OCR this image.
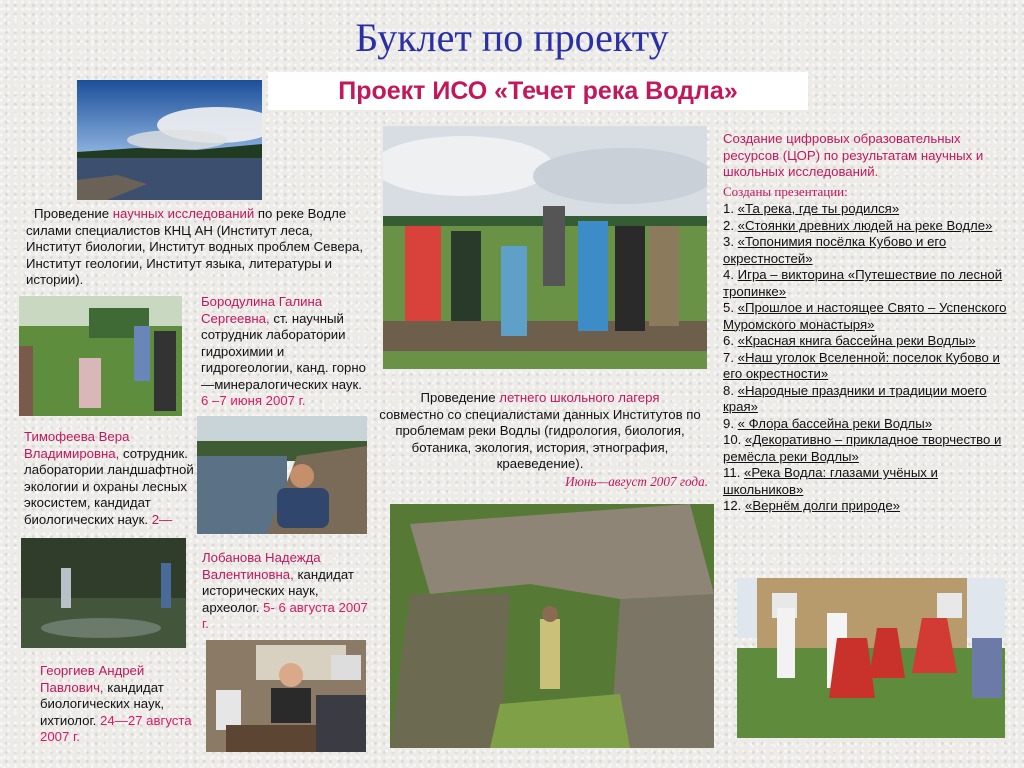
Буклет по проекту
Проект ИСО «Течет река Водла»
Проведение научных исследований по реке Водле силами специалистов КНЦ АН (Институт леса, Институт биологии, Институт водных проблем Севера, Институт геологии, Институт языка, литературы и истории).
Бородулина Галина Сергеевна, ст. научный сотрудник лаборатории гидрохимии и гидрогеологии, канд. горно—минералогических наук. 6 –7 июня 2007 г.
Тимофеева Вера Владимировна, сотрудник. лаборатории ландшафтной экологии и охраны лесных экосистем, кандидат биологических наук. 2—
Лобанова Надежда Валентиновна, кандидат исторических наук, археолог. 5- 6 августа 2007 г.
Георгиев Андрей Павлович, кандидат биологических наук, ихтиолог. 24—27 августа 2007 г.
Проведение летнего школьного лагеря
совместно со специалистами данных Институтов по проблемам реки Водлы (гидрология, биология, ботаника, экология, история, этнография, краеведение).
Июнь—август 2007 года.
Создание цифровых образовательных ресурсов (ЦОР) по результатам научных и школьных исследований.
Созданы презентации:
1. «Та река, где ты родился»
2. «Стоянки древних людей на реке Водле»
3. «Топонимия посёлка Кубово и его окрестностей»
4. Игра – викторина «Путешествие по лесной тропинке»
5. «Прошлое и настоящее Свято – Успенского Муромского монастыря»
6. «Красная книга бассейна реки Водлы»
7. «Наш уголок Вселенной: поселок Кубово и его окрестности»
8. «Народные праздники и традиции моего края»
9. « Флора бассейна реки Водлы»
10. «Декоративно – прикладное творчество и ремёсла реки Водлы»
11. «Река Водла: глазами учёных и школьников»
12. «Вернём долги природе»
